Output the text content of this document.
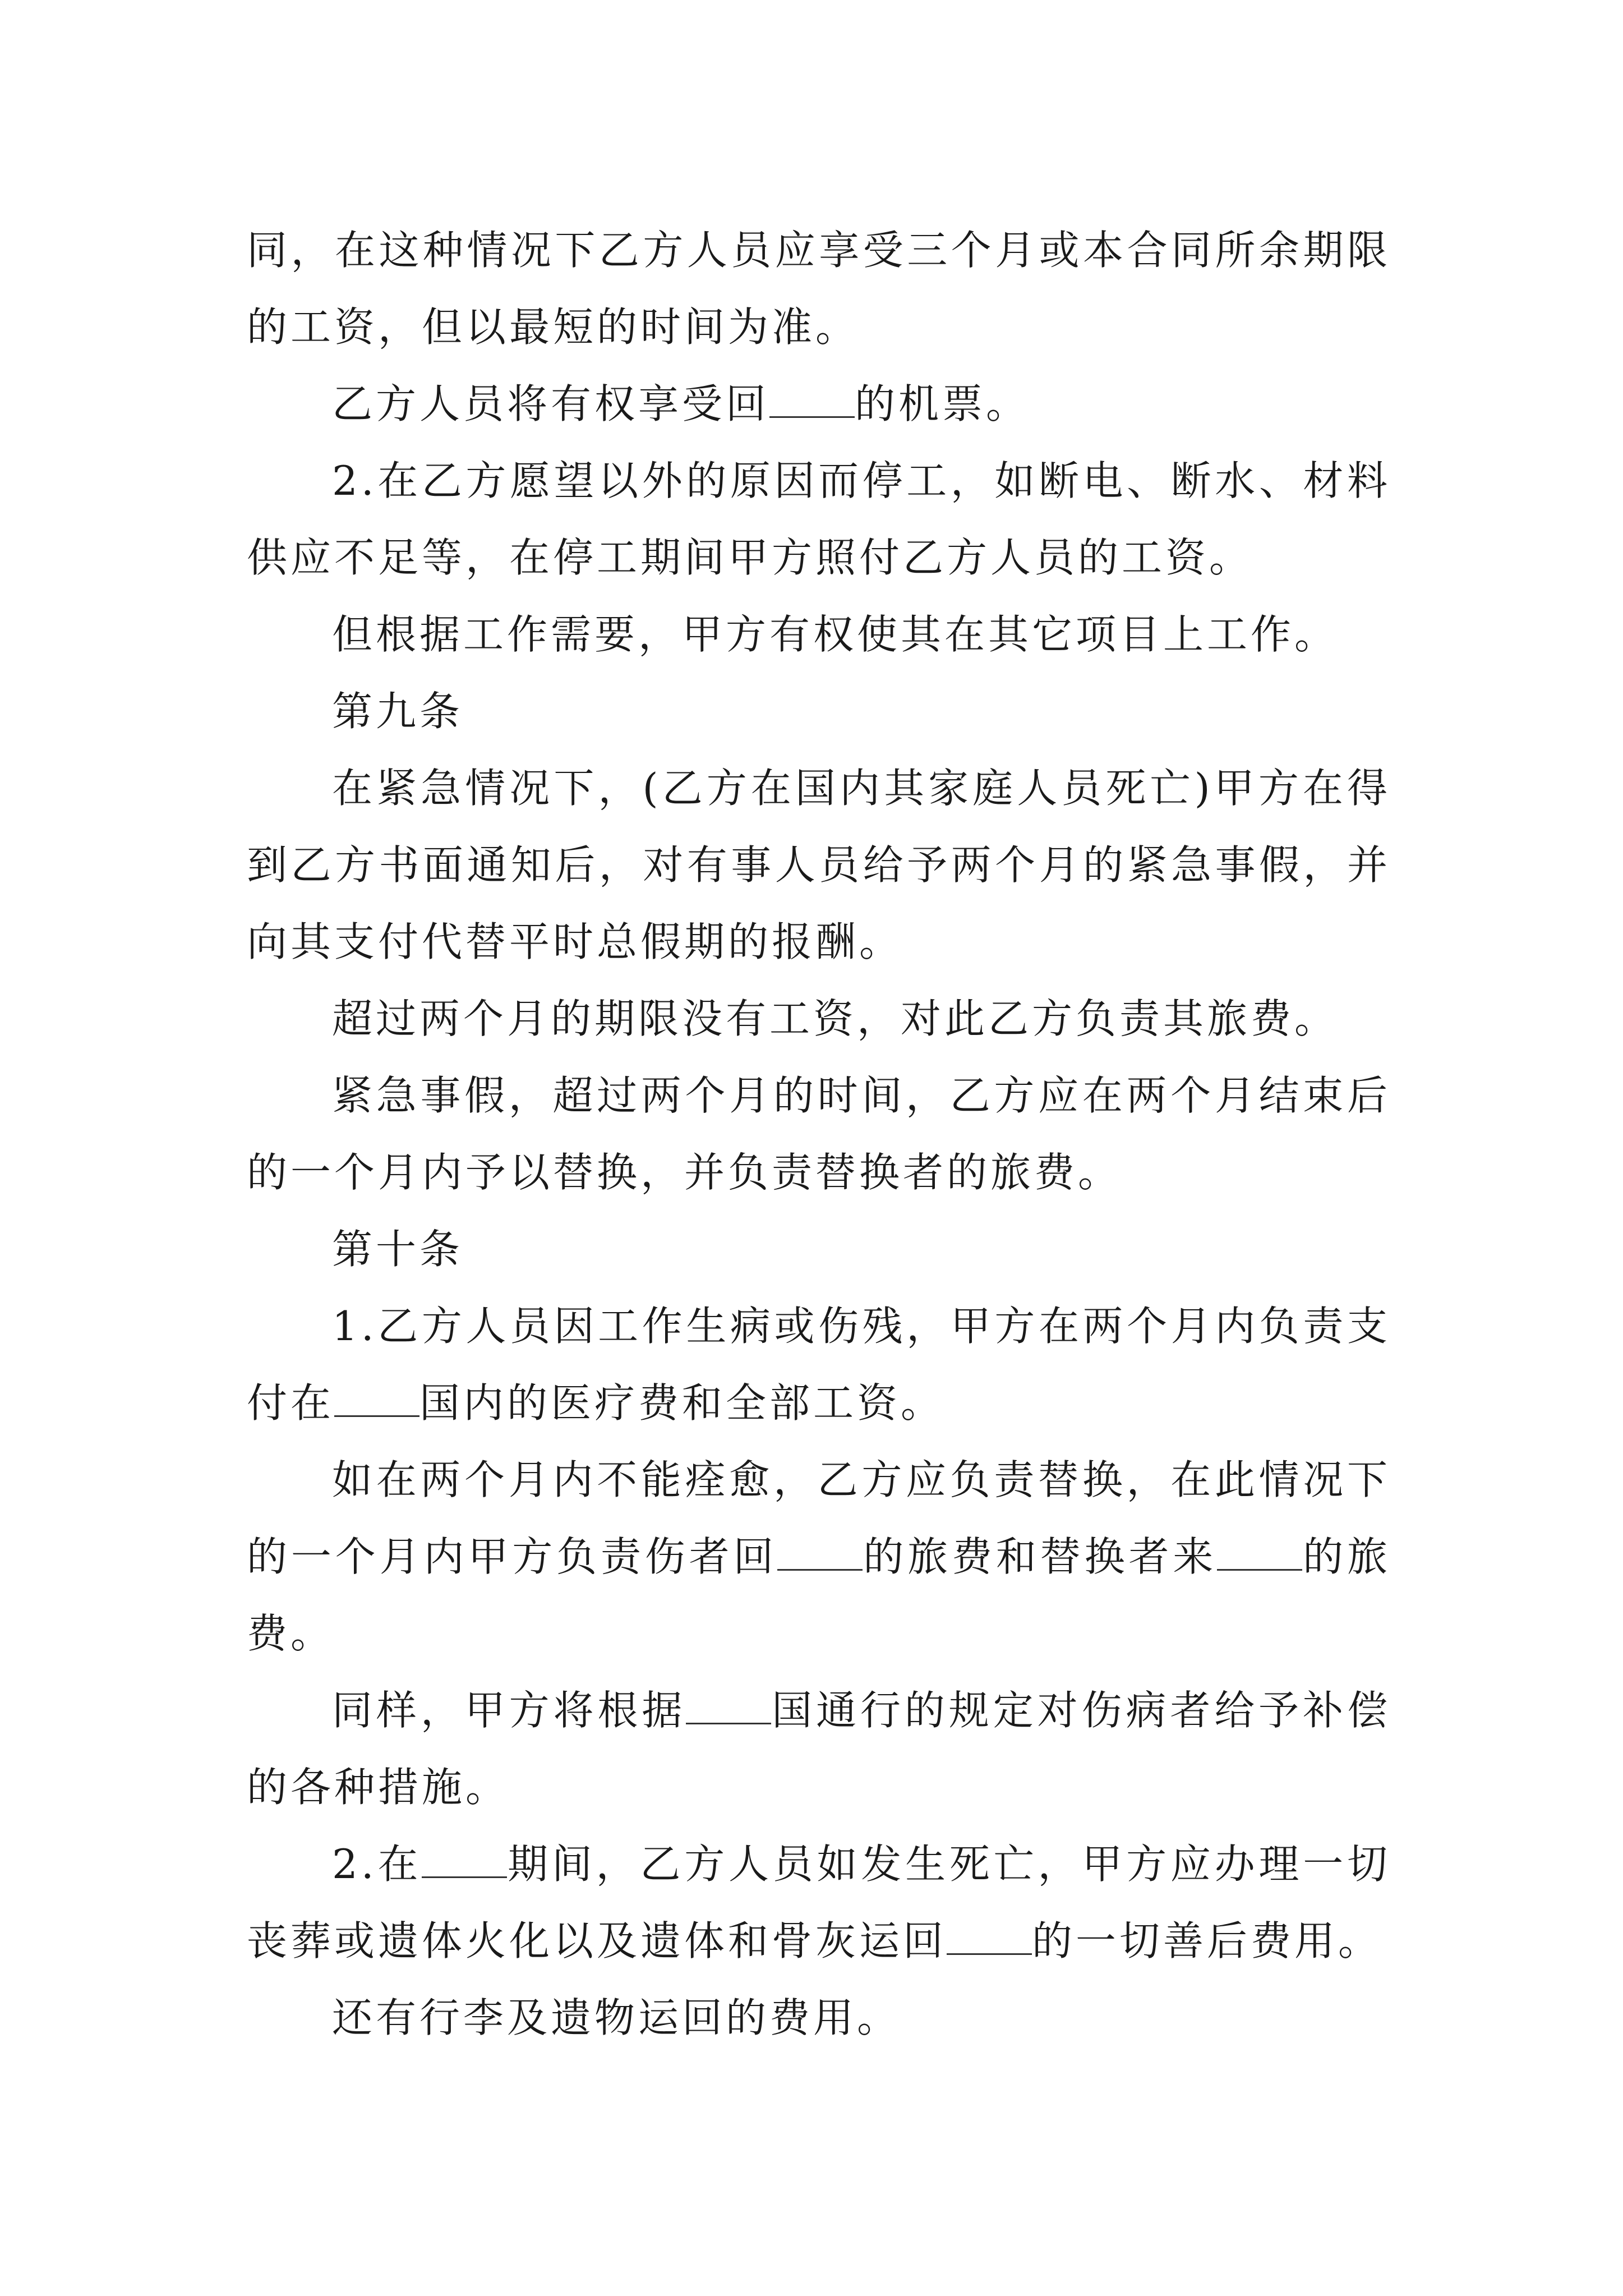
同，在这种情况下乙方人员应享受三个月或本合同所余期限的工资，但以最短的时间为准。

乙方人员将有权享受回 的机票。

2.在乙方愿望以外的原因而停工，如断电、断水、材料供应不足等，在停工期间甲方照付乙方人员的工资。

但根据工作需要，甲方有权使其在其它项目上工作。

第九条

在紧急情况下，(乙方在国内其家庭人员死亡)甲方在得到乙方书面通知后，对有事人员给予两个月的紧急事假，并向其支付代替平时总假期的报酬。

超过两个月的期限没有工资，对此乙方负责其旅费。

紧急事假，超过两个月的时间，乙方应在两个月结束后的一个月内予以替换，并负责替换者的旅费。

第十条

1.乙方人员因工作生病或伤残，甲方在两个月内负责支付在 国内的医疗费和全部工资。

如在两个月内不能痊愈，乙方应负责替换，在此情况下的一个月内甲方负责伤者回 的旅费和替换者来 的旅费。

同样，甲方将根据 国通行的规定对伤病者给予补偿的各种措施。

2.在 期间，乙方人员如发生死亡，甲方应办理一切丧葬或遗体火化以及遗体和骨灰运回 的一切善后费用。

还有行李及遗物运回的费用。
